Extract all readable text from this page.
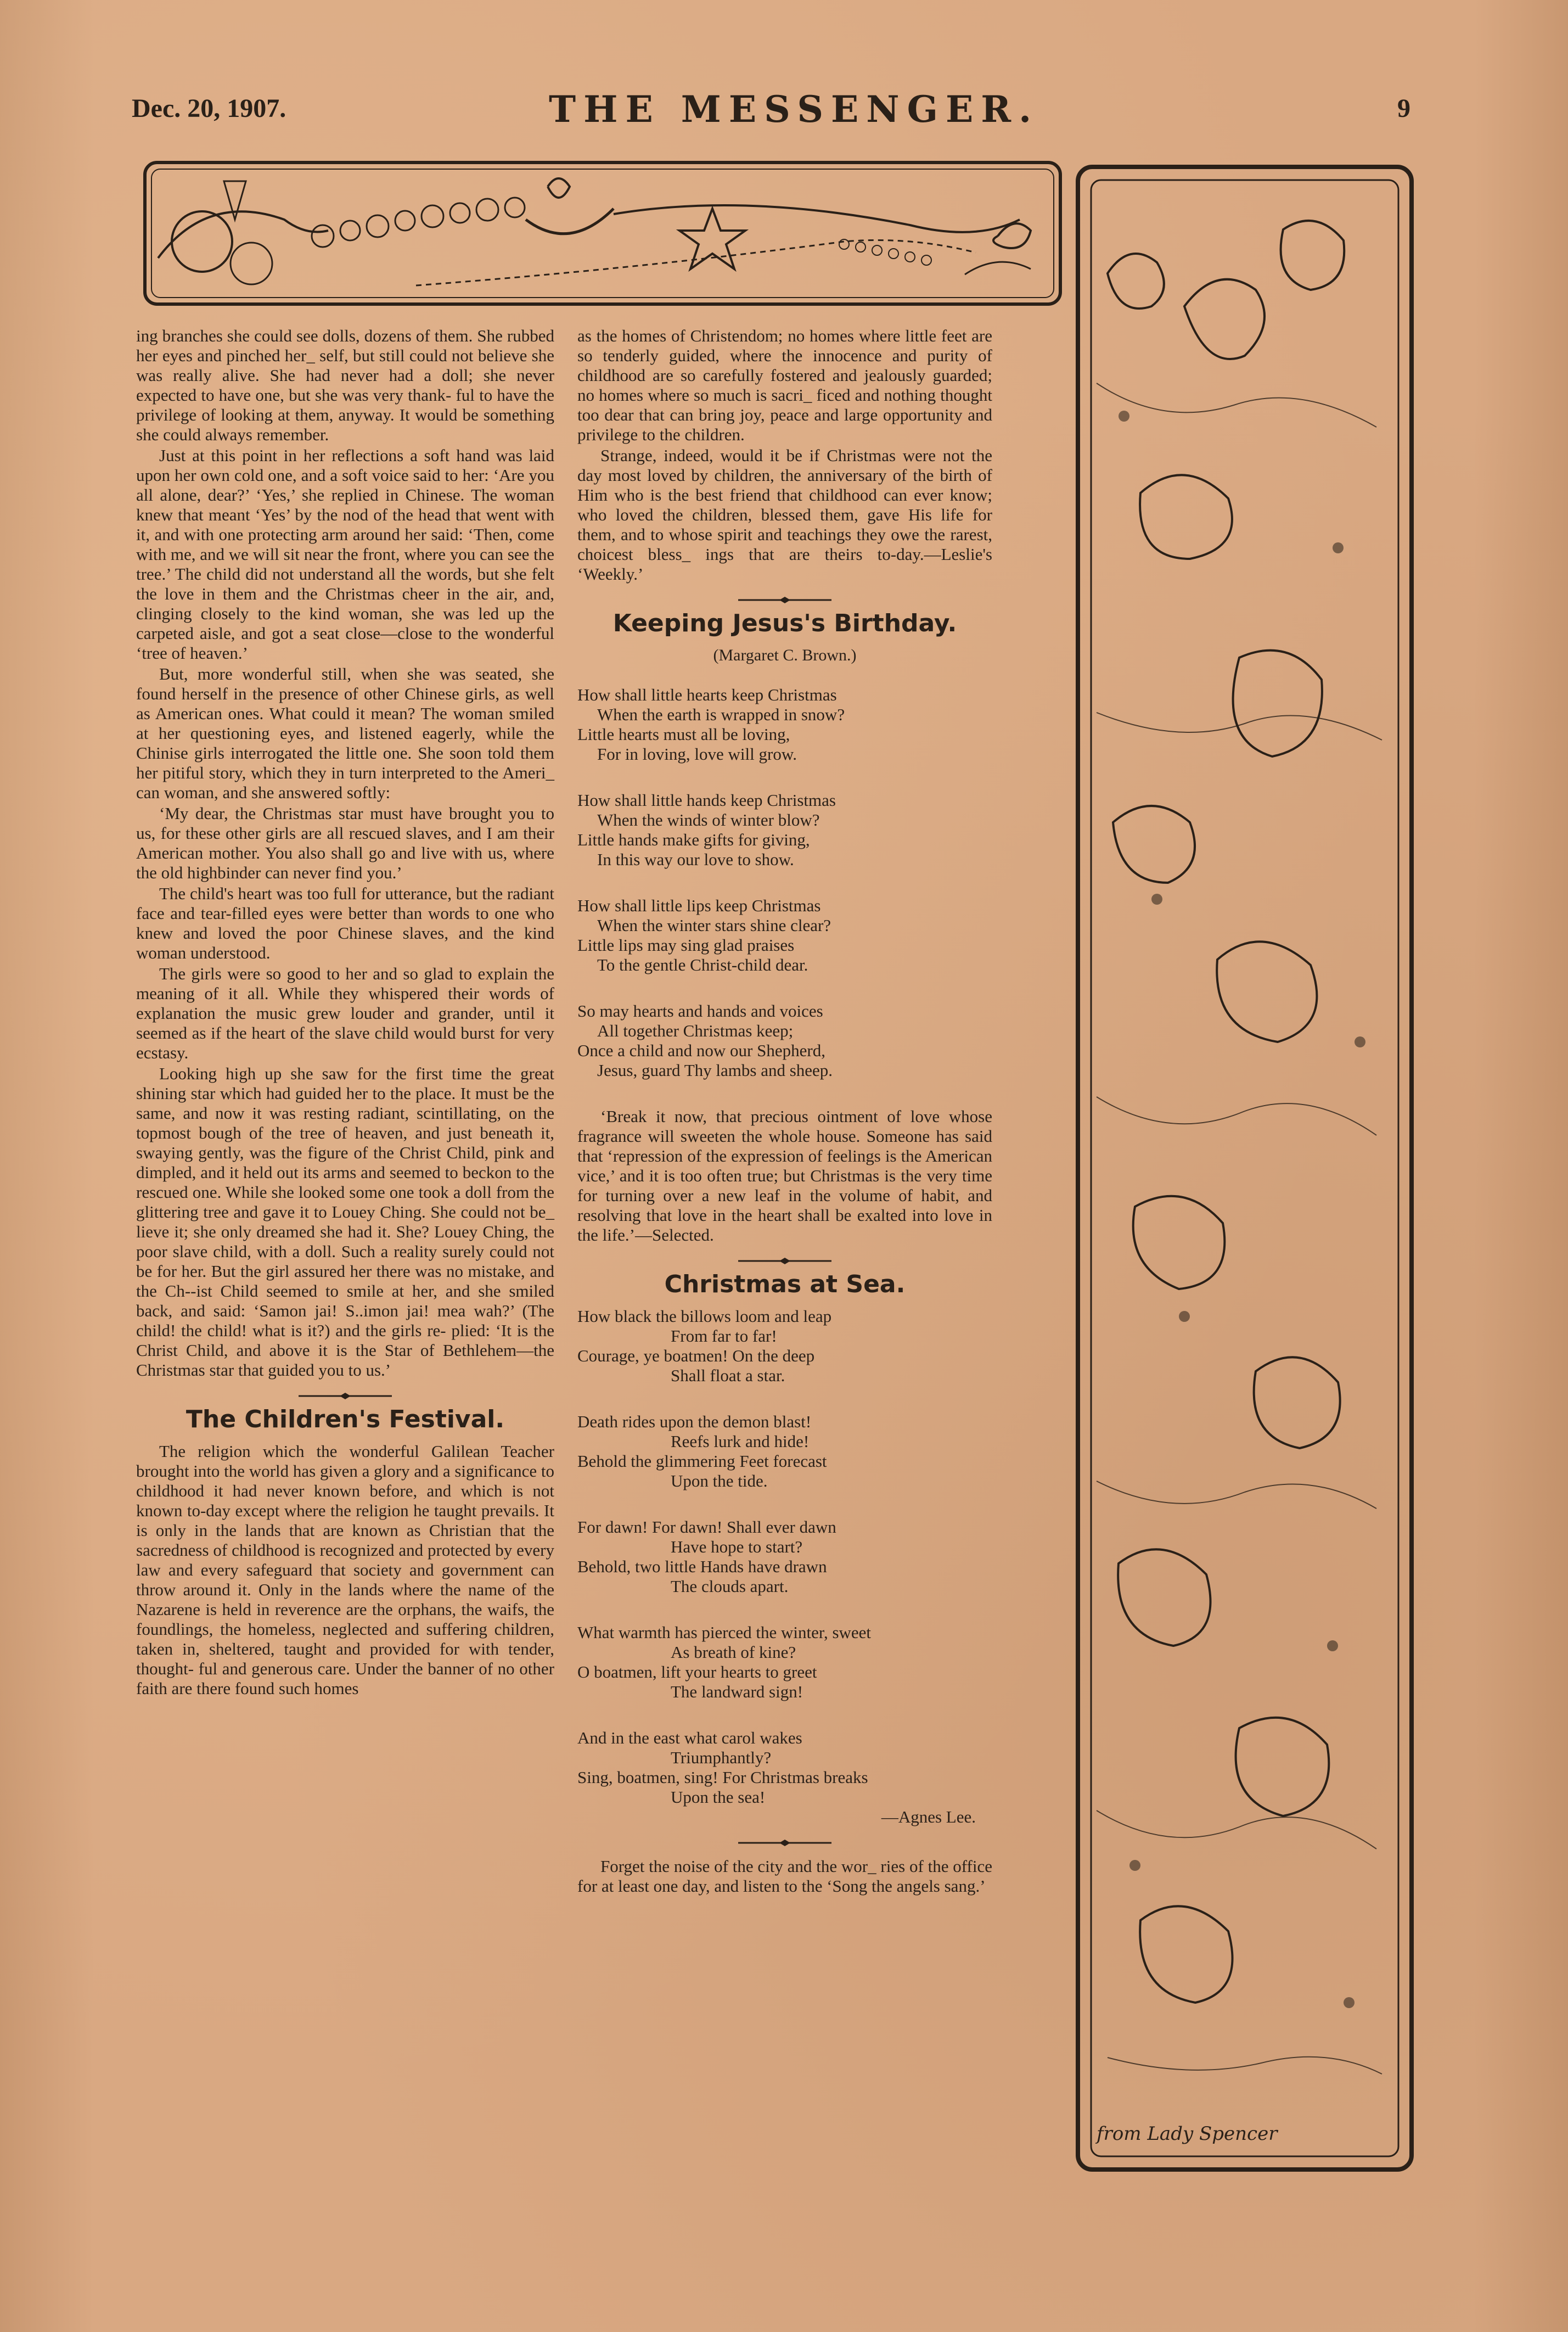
Dec. 20, 1907.	THE MESSENGER.	9
from Lady Spencer

ing branches she could see dolls, dozens of them. She rubbed her eyes and pinched her_ self, but still could not believe she was really alive. She had never had a doll; she never expected to have one, but she was very thank- ful to have the privilege of looking at them, anyway. It would be something she could always remember.

Just at this point in her reflections a soft hand was laid upon her own cold one, and a soft voice said to her: ‘Are you all alone, dear?’ ‘Yes,’ she replied in Chinese. The woman knew that meant ‘Yes’ by the nod of the head that went with it, and with one protecting arm around her said: ‘Then, come with me, and we will sit near the front, where you can see the tree.’ The child did not understand all the words, but she felt the love in them and the Christmas cheer in the air, and, clinging closely to the kind woman, she was led up the carpeted aisle, and got a seat close—close to the wonderful ‘tree of heaven.’

But, more wonderful still, when she was seated, she found herself in the presence of other Chinese girls, as well as American ones. What could it mean? The woman smiled at her questioning eyes, and listened eagerly, while the Chinise girls interrogated the little one. She soon told them her pitiful story, which they in turn interpreted to the Ameri_ can woman, and she answered softly:

‘My dear, the Christmas star must have brought you to us, for these other girls are all rescued slaves, and I am their American mother. You also shall go and live with us, where the old highbinder can never find you.’

The child's heart was too full for utterance, but the radiant face and tear-filled eyes were better than words to one who knew and loved the poor Chinese slaves, and the kind woman understood.

The girls were so good to her and so glad to explain the meaning of it all. While they whispered their words of explanation the music grew louder and grander, until it seemed as if the heart of the slave child would burst for very ecstasy.

Looking high up she saw for the first time the great shining star which had guided her to the place. It must be the same, and now it was resting radiant, scintillating, on the topmost bough of the tree of heaven, and just beneath it, swaying gently, was the figure of the Christ Child, pink and dimpled, and it held out its arms and seemed to beckon to the rescued one. While she looked some one took a doll from the glittering tree and gave it to Louey Ching. She could not be_ lieve it; she only dreamed she had it. She? Louey Ching, the poor slave child, with a doll. Such a reality surely could not be for her. But the girl assured her there was no mistake, and the Ch‑‑ist Child seemed to smile at her, and she smiled back, and said: ‘Samon jai! S..imon jai! mea wah?’ (The child! the child! what is it?) and the girls re- plied: ‘It is the Christ Child, and above it is the Star of Bethlehem—the Christmas star that guided you to us.’

The Children's Festival.

The religion which the wonderful Galilean Teacher brought into the world has given a glory and a significance to childhood it had never known before, and which is not known to-day except where the religion he taught prevails. It is only in the lands that are known as Christian that the sacredness of childhood is recognized and protected by every law and every safeguard that society and government can throw around it. Only in the lands where the name of the Nazarene is held in reverence are the orphans, the waifs, the foundlings, the homeless, neglected and suffering children, taken in, sheltered, taught and provided for with tender, thought- ful and generous care. Under the banner of no other faith are there found such homes

as the homes of Christendom; no homes where little feet are so tenderly guided, where the innocence and purity of childhood are so carefully fostered and jealously guarded; no homes where so much is sacri_ ficed and nothing thought too dear that can bring joy, peace and large opportunity and privilege to the children.

Strange, indeed, would it be if Christmas were not the day most loved by children, the anniversary of the birth of Him who is the best friend that childhood can ever know; who loved the children, blessed them, gave His life for them, and to whose spirit and teachings they owe the rarest, choicest bless_ ings that are theirs to-day.—Leslie's ‘Weekly.’

Keeping Jesus's Birthday.
(Margaret C. Brown.)
How shall little hearts keep Christmas
When the earth is wrapped in snow?
Little hearts must all be loving,
For in loving, love will grow.
How shall little hands keep Christmas
When the winds of winter blow?
Little hands make gifts for giving,
In this way our love to show.
How shall little lips keep Christmas
When the winter stars shine clear?
Little lips may sing glad praises
To the gentle Christ-child dear.
So may hearts and hands and voices
All together Christmas keep;
Once a child and now our Shepherd,
Jesus, guard Thy lambs and sheep.

‘Break it now, that precious ointment of love whose fragrance will sweeten the whole house. Someone has said that ‘repression of the expression of feelings is the American vice,’ and it is too often true; but Christmas is the very time for turning over a new leaf in the volume of habit, and resolving that love in the heart shall be exalted into love in the life.’—Selected.

Christmas at Sea.
How black the billows loom and leap
From far to far!
Courage, ye boatmen! On the deep
Shall float a star.
Death rides upon the demon blast!
Reefs lurk and hide!
Behold the glimmering Feet forecast
Upon the tide.
For dawn! For dawn! Shall ever dawn
Have hope to start?
Behold, two little Hands have drawn
The clouds apart.
What warmth has pierced the winter, sweet
As breath of kine?
O boatmen, lift your hearts to greet
The landward sign!
And in the east what carol wakes
Triumphantly?
Sing, boatmen, sing! For Christmas breaks
Upon the sea!
—Agnes Lee.

Forget the noise of the city and the wor_ ries of the office for at least one day, and listen to the ‘Song the angels sang.’
